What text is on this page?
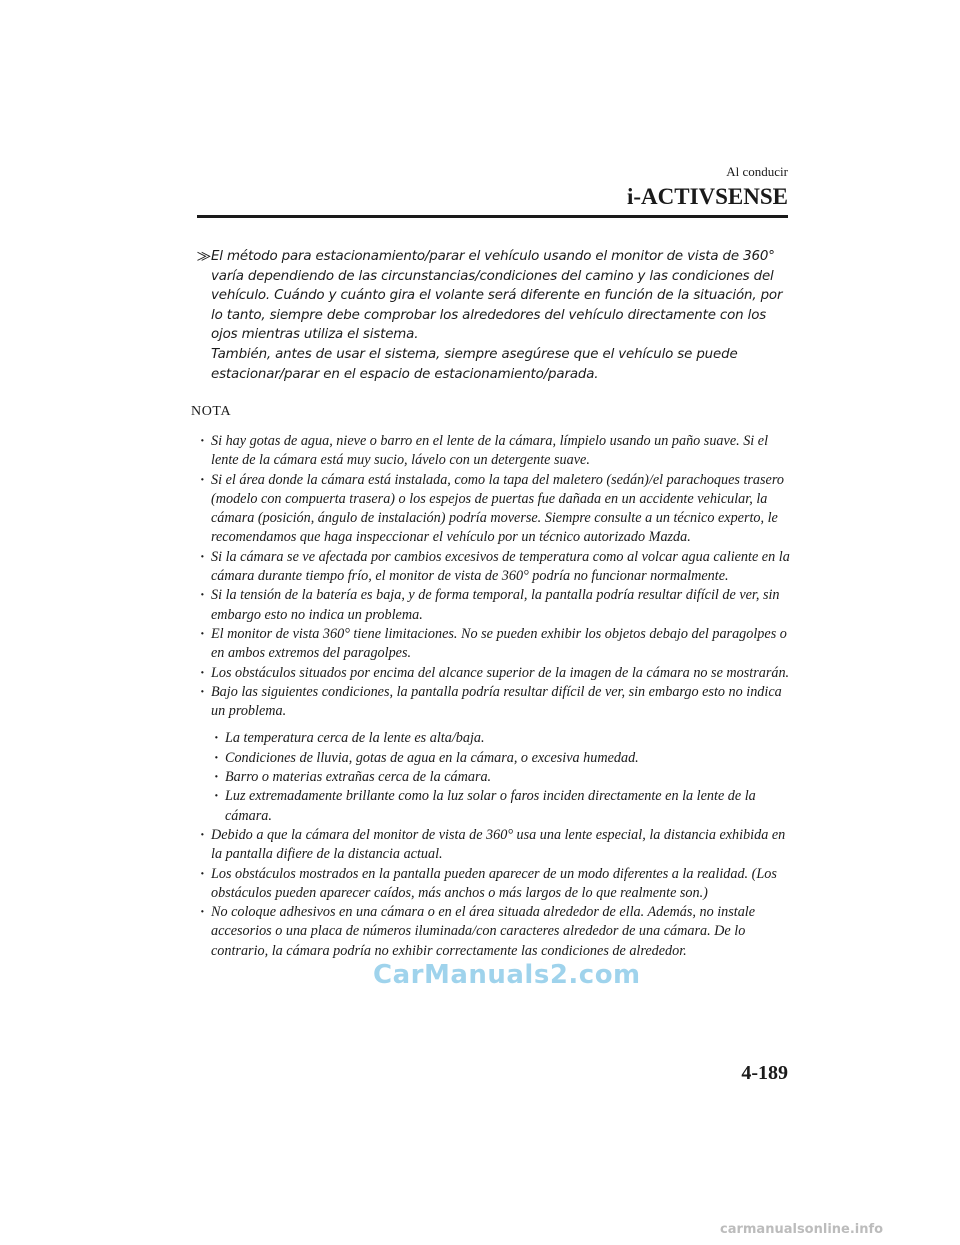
Al conducir
i-ACTIVSENSE
⨠ El método para estacionamiento/parar el vehículo usando el monitor de vista de 360° varía dependiendo de las circunstancias/condiciones del camino y las condiciones del vehículo. Cuándo y cuánto gira el volante será diferente en función de la situación, por lo tanto, siempre debe comprobar los alrededores del vehículo directamente con los ojos mientras utiliza el sistema.

También, antes de usar el sistema, siempre asegúrese que el vehículo se puede estacionar/parar en el espacio de estacionamiento/parada.

NOTA

· Si hay gotas de agua, nieve o barro en el lente de la cámara, límpielo usando un paño suave. Si el lente de la cámara está muy sucio, lávelo con un detergente suave.

· Si el área donde la cámara está instalada, como la tapa del maletero (sedán)/el parachoques trasero (modelo con compuerta trasera) o los espejos de puertas fue dañada en un accidente vehicular, la cámara (posición, ángulo de instalación) podría moverse. Siempre consulte a un técnico experto, le recomendamos que haga inspeccionar el vehículo por un técnico autorizado Mazda.

· Si la cámara se ve afectada por cambios excesivos de temperatura como al volcar agua caliente en la cámara durante tiempo frío, el monitor de vista de 360° podría no funcionar normalmente.

· Si la tensión de la batería es baja, y de forma temporal, la pantalla podría resultar difícil de ver, sin embargo esto no indica un problema.

· El monitor de vista 360° tiene limitaciones. No se pueden exhibir los objetos debajo del paragolpes o en ambos extremos del paragolpes.

· Los obstáculos situados por encima del alcance superior de la imagen de la cámara no se mostrarán.

· Bajo las siguientes condiciones, la pantalla podría resultar difícil de ver, sin embargo esto no indica un problema.

· La temperatura cerca de la lente es alta/baja.

· Condiciones de lluvia, gotas de agua en la cámara, o excesiva humedad.

· Barro o materias extrañas cerca de la cámara.

· Luz extremadamente brillante como la luz solar o faros inciden directamente en la lente de la cámara.

· Debido a que la cámara del monitor de vista de 360° usa una lente especial, la distancia exhibida en la pantalla difiere de la distancia actual.

· Los obstáculos mostrados en la pantalla pueden aparecer de un modo diferentes a la realidad. (Los obstáculos pueden aparecer caídos, más anchos o más largos de lo que realmente son.)

· No coloque adhesivos en una cámara o en el área situada alrededor de ella. Además, no instale accesorios o una placa de números iluminada/con caracteres alrededor de una cámara. De lo contrario, la cámara podría no exhibir correctamente las condiciones de alrededor.

CarManuals2.com
4-189
carmanualsonline.info
